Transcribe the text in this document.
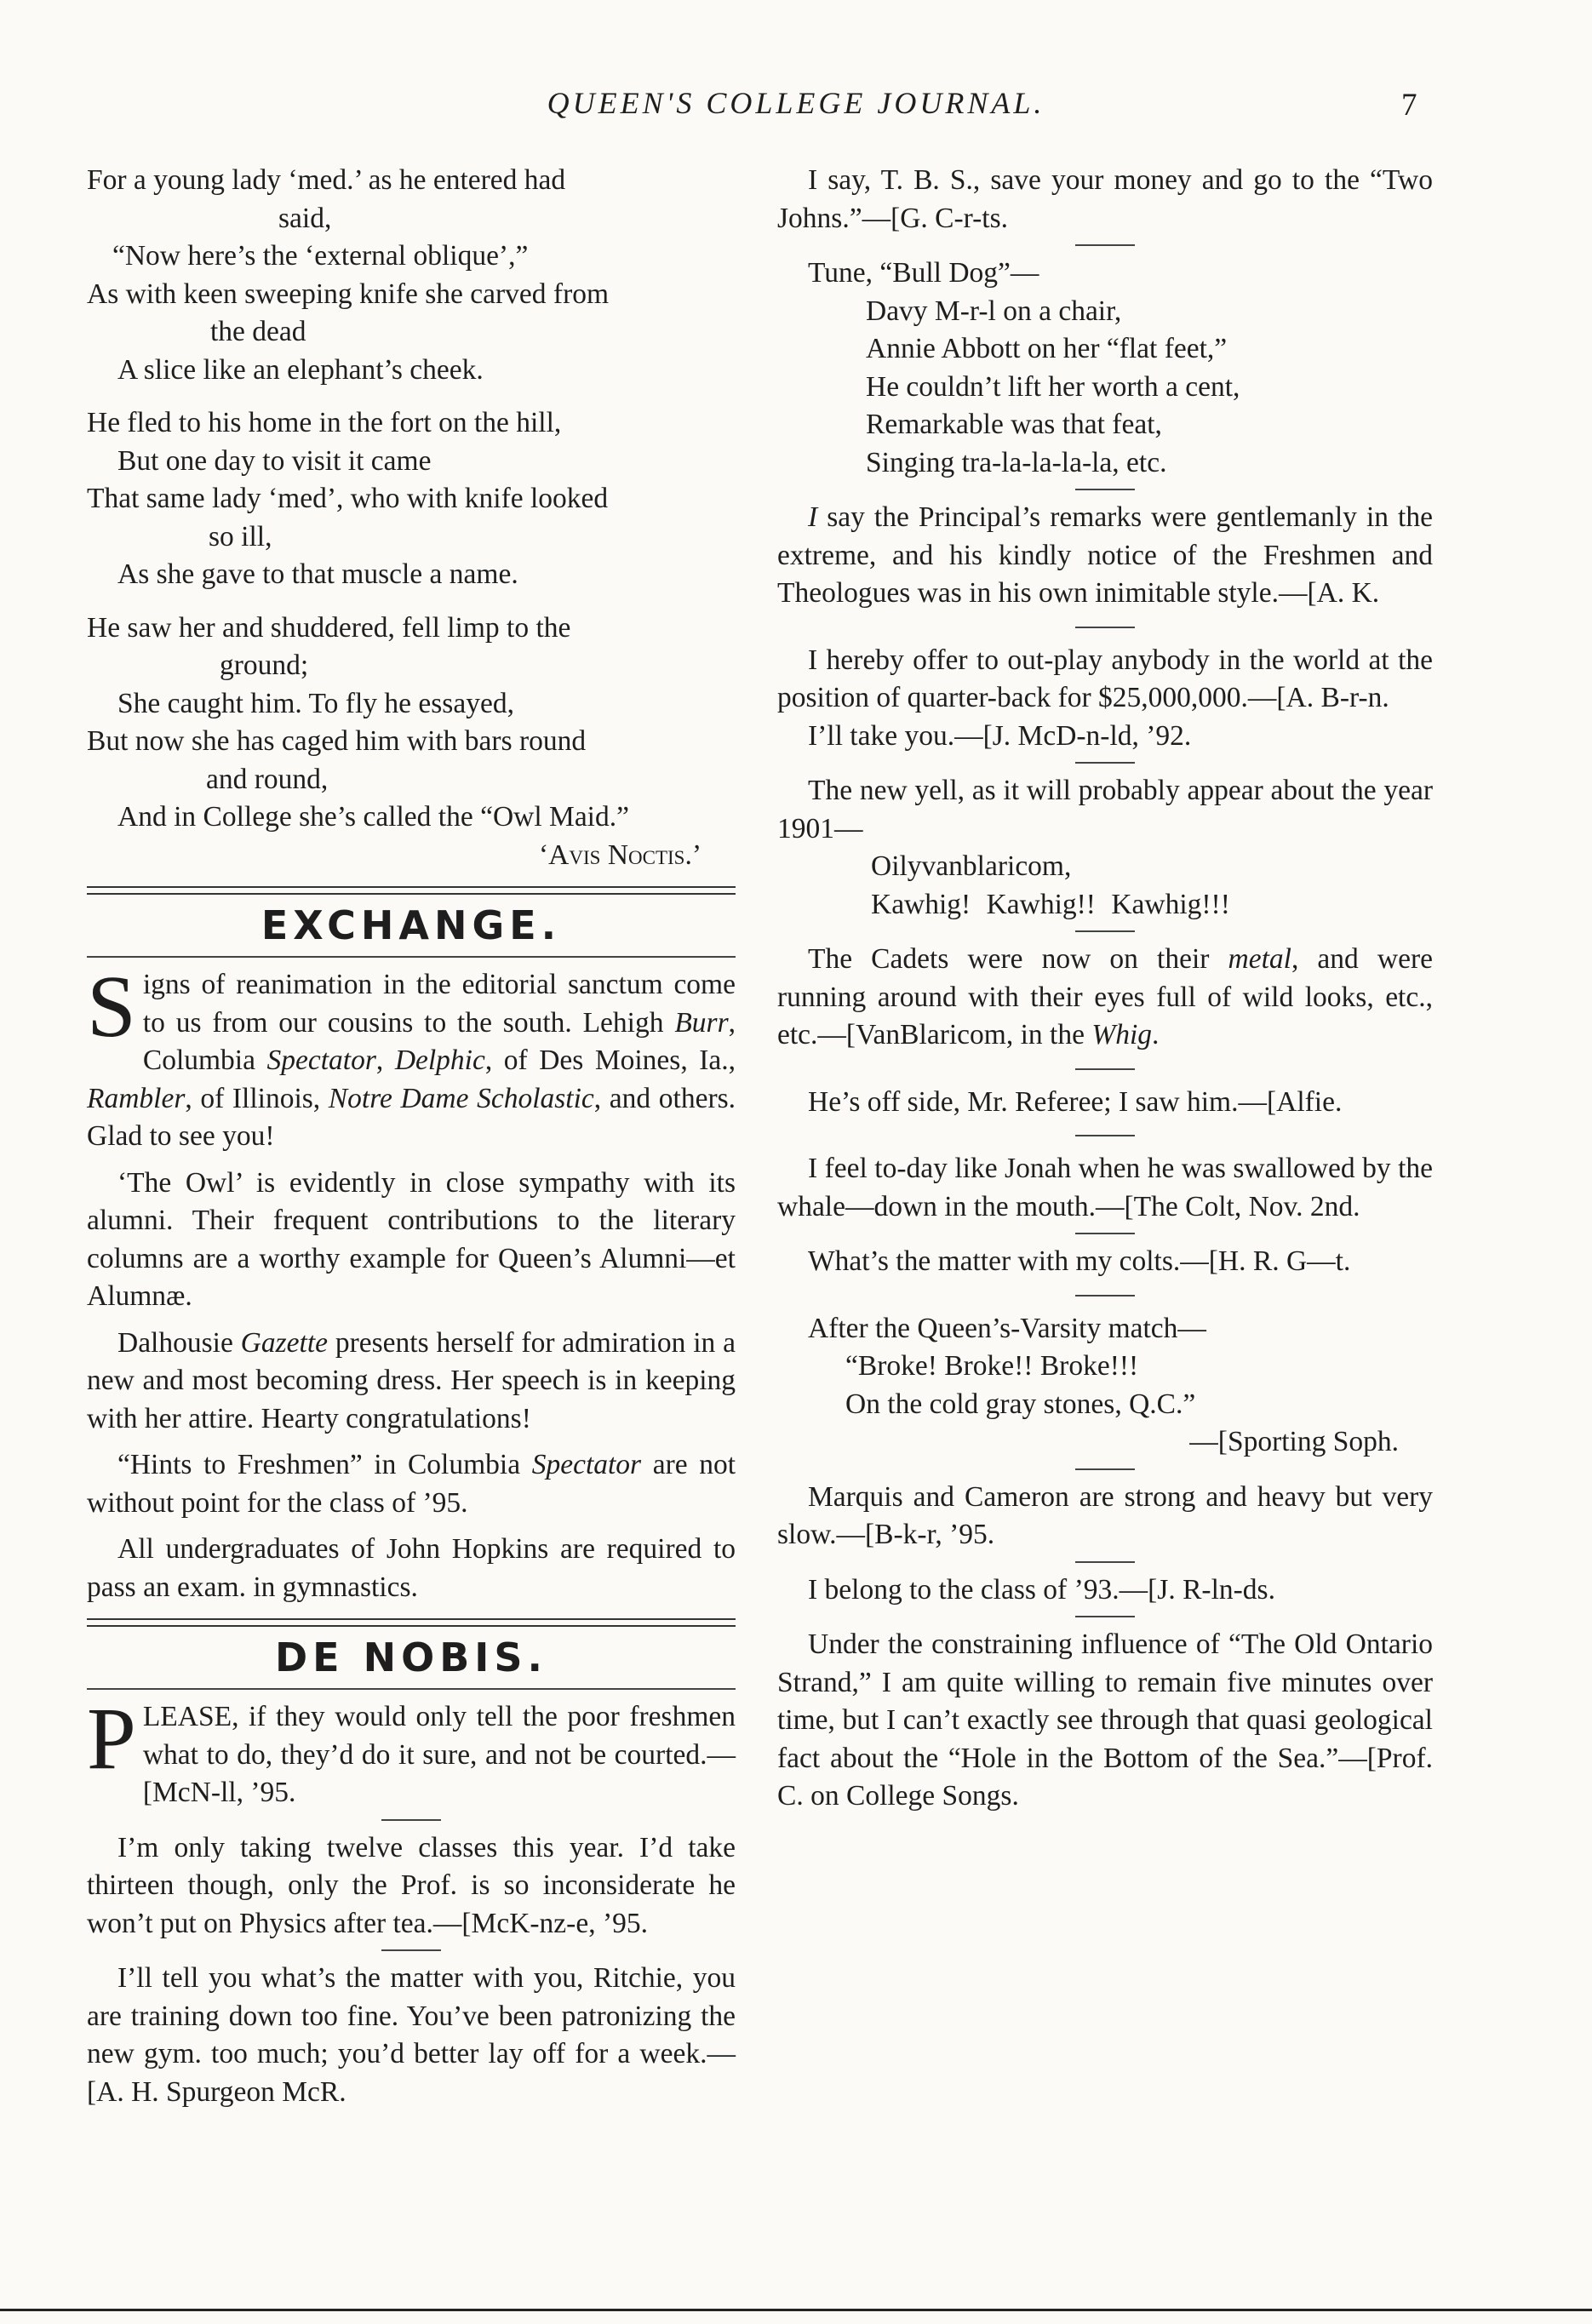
QUEEN'S COLLEGE JOURNAL.	7
For a young lady ‘med.’ as he entered had
said,
“Now here’s the ‘external oblique’,”
As with keen sweeping knife she carved from
the dead
A slice like an elephant’s cheek.
He fled to his home in the fort on the hill,
But one day to visit it came
That same lady ‘med’, who with knife looked
so ill,
As she gave to that muscle a name.
He saw her and shuddered, fell limp to the
ground;
She caught him. To fly he essayed,
But now she has caged him with bars round
and round,
And in College she’s called the “Owl Maid.”
‘Avis Noctis.’
EXCHANGE.

Signs of reanimation in the editorial sanctum come to us from our cousins to the south. Lehigh Burr, Columbia Spectator, Delphic, of Des Moines, Ia., Rambler, of Illinois, Notre Dame Scholastic, and others. Glad to see you!

‘The Owl’ is evidently in close sympathy with its alumni. Their frequent contributions to the literary columns are a worthy example for Queen’s Alumni—et Alumnæ.

Dalhousie Gazette presents herself for admiration in a new and most becoming dress. Her speech is in keeping with her attire. Hearty congratulations!

“Hints to Freshmen” in Columbia Spectator are not without point for the class of ’95.

All undergraduates of John Hopkins are required to pass an exam. in gymnastics.

DE NOBIS.

PLEASE, if they would only tell the poor freshmen what to do, they’d do it sure, and not be courted.—[McN-ll, ’95.

I’m only taking twelve classes this year. I’d take thirteen though, only the Prof. is so inconsiderate he won’t put on Physics after tea.—[McK-nz-e, ’95.

I’ll tell you what’s the matter with you, Ritchie, you are training down too fine. You’ve been patronizing the new gym. too much; you’d better lay off for a week.—[A. H. Spurgeon McR.

I say, T. B. S., save your money and go to the “Two Johns.”—[G. C-r-ts.

Tune, “Bull Dog”—

Davy M-r-l on a chair,
Annie Abbott on her “flat feet,”
He couldn’t lift her worth a cent,
Remarkable was that feat,
Singing tra-la-la-la-la, etc.

I say the Principal’s remarks were gentlemanly in the extreme, and his kindly notice of the Freshmen and Theologues was in his own inimitable style.—[A. K.

I hereby offer to out-play anybody in the world at the position of quarter-back for $25,000,000.—[A. B-r-n.

I’ll take you.—[J. McD-n-ld, ’92.

The new yell, as it will probably appear about the year 1901—

Oilyvanblaricom,
Kawhig! Kawhig!! Kawhig!!!

The Cadets were now on their metal, and were running around with their eyes full of wild looks, etc., etc.—[VanBlaricom, in the Whig.

He’s off side, Mr. Referee; I saw him.—[Alfie.

I feel to-day like Jonah when he was swallowed by the whale—down in the mouth.—[The Colt, Nov. 2nd.

What’s the matter with my colts.—[H. R. G—t.

After the Queen’s-Varsity match—
“Broke! Broke!! Broke!!!
On the cold gray stones, Q.C.”
—[Sporting Soph.

Marquis and Cameron are strong and heavy but very slow.—[B-k-r, ’95.

I belong to the class of ’93.—[J. R-ln-ds.

Under the constraining influence of “The Old Ontario Strand,” I am quite willing to remain five minutes over time, but I can’t exactly see through that quasi geological fact about the “Hole in the Bottom of the Sea.”—[Prof. C. on College Songs.
